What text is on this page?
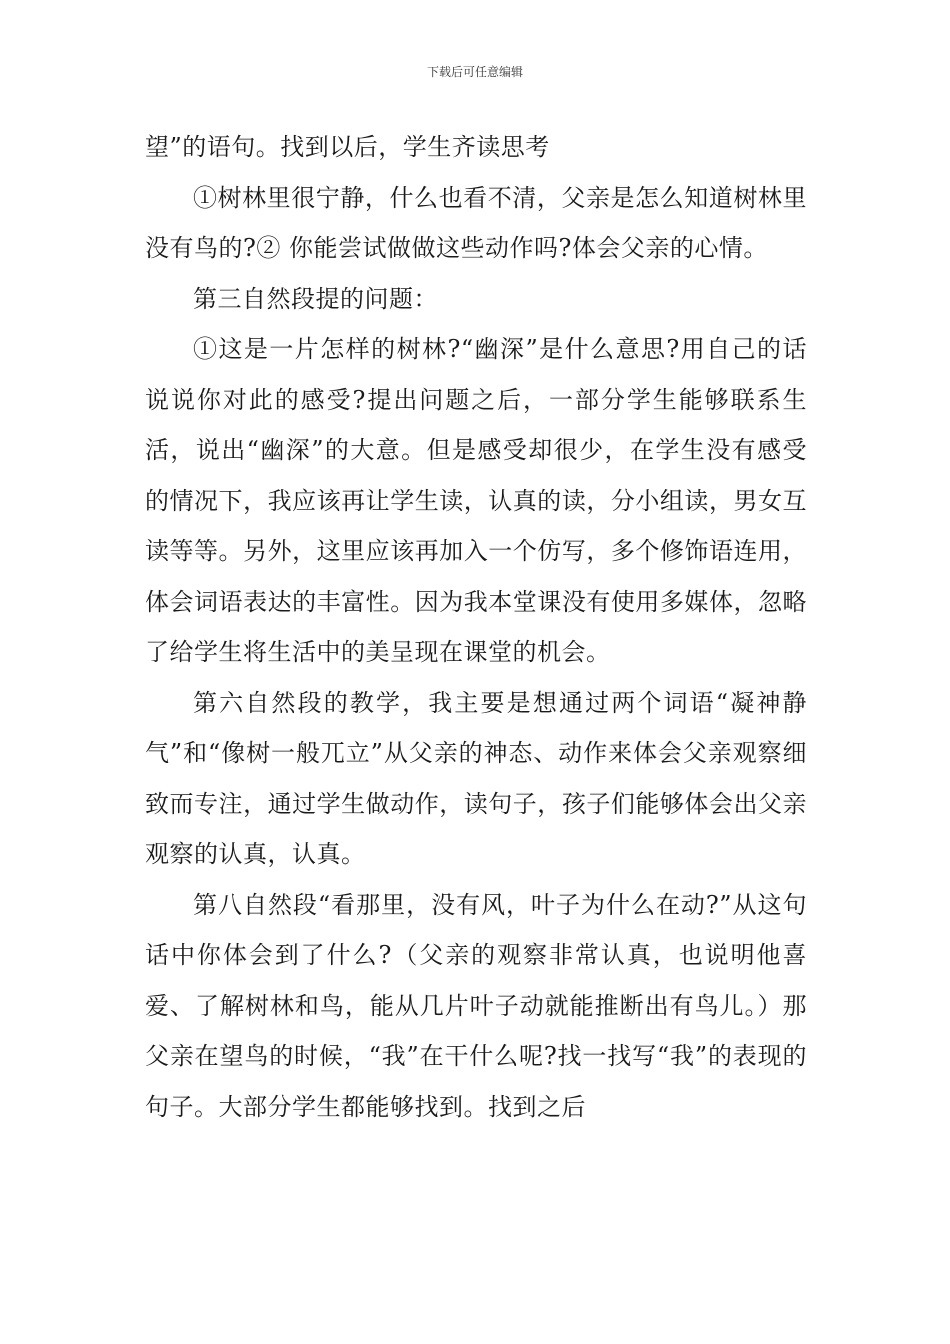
下载后可任意编辑

望”的语句。找到以后，学生齐读思考

①树林里很宁静，什么也看不清，父亲是怎么知道树林里没有鸟的?② 你能尝试做做这些动作吗?体会父亲的心情。

第三自然段提的问题：

①这是一片怎样的树林?“幽深”是什么意思?用自己的话说说你对此的感受?提出问题之后，一部分学生能够联系生活，说出“幽深”的大意。但是感受却很少，在学生没有感受的情况下，我应该再让学生读，认真的读，分小组读，男女互读等等。另外，这里应该再加入一个仿写，多个修饰语连用，体会词语表达的丰富性。因为我本堂课没有使用多媒体，忽略了给学生将生活中的美呈现在课堂的机会。

第六自然段的教学，我主要是想通过两个词语“凝神静气”和“像树一般兀立”从父亲的神态、动作来体会父亲观察细致而专注，通过学生做动作，读句子，孩子们能够体会出父亲观察的认真，认真。

第八自然段“看那里，没有风，叶子为什么在动?”从这句话中你体会到了什么?（父亲的观察非常认真，也说明他喜爱、了解树林和鸟，能从几片叶子动就能推断出有鸟儿。）那父亲在望鸟的时候，“我”在干什么呢?找一找写“我”的表现的句子。大部分学生都能够找到。找到之后
